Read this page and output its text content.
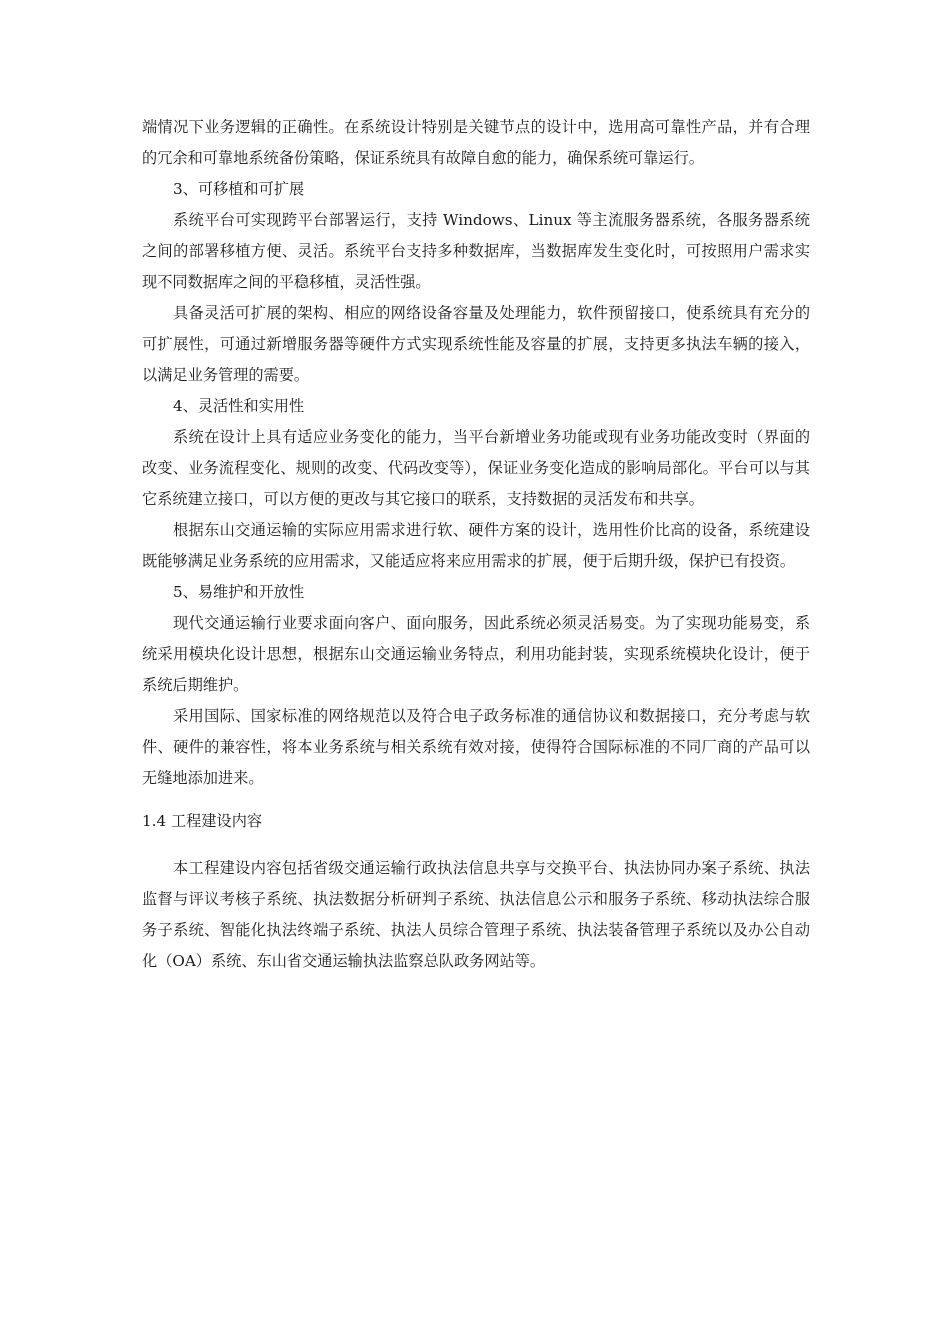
端情况下业务逻辑的正确性。在系统设计特别是关键节点的设计中，选用高可靠性产品，并有合理的冗余和可靠地系统备份策略，保证系统具有故障自愈的能力，确保系统可靠运行。

3、可移植和可扩展

系统平台可实现跨平台部署运行，支持 Windows、Linux 等主流服务器系统，各服务器系统之间的部署移植方便、灵活。系统平台支持多种数据库，当数据库发生变化时，可按照用户需求实现不同数据库之间的平稳移植，灵活性强。

具备灵活可扩展的架构、相应的网络设备容量及处理能力，软件预留接口，使系统具有充分的可扩展性，可通过新增服务器等硬件方式实现系统性能及容量的扩展，支持更多执法车辆的接入，以满足业务管理的需要。

4、灵活性和实用性

系统在设计上具有适应业务变化的能力，当平台新增业务功能或现有业务功能改变时（界面的改变、业务流程变化、规则的改变、代码改变等），保证业务变化造成的影响局部化。平台可以与其它系统建立接口，可以方便的更改与其它接口的联系，支持数据的灵活发布和共享。

根据东山交通运输的实际应用需求进行软、硬件方案的设计，选用性价比高的设备，系统建设既能够满足业务系统的应用需求，又能适应将来应用需求的扩展，便于后期升级，保护已有投资。

5、易维护和开放性

现代交通运输行业要求面向客户、面向服务，因此系统必须灵活易变。为了实现功能易变，系统采用模块化设计思想，根据东山交通运输业务特点，利用功能封装，实现系统模块化设计，便于系统后期维护。

采用国际、国家标准的网络规范以及符合电子政务标准的通信协议和数据接口，充分考虑与软件、硬件的兼容性，将本业务系统与相关系统有效对接，使得符合国际标准的不同厂商的产品可以无缝地添加进来。

1.4 工程建设内容

本工程建设内容包括省级交通运输行政执法信息共享与交换平台、执法协同办案子系统、执法监督与评议考核子系统、执法数据分析研判子系统、执法信息公示和服务子系统、移动执法综合服务子系统、智能化执法终端子系统、执法人员综合管理子系统、执法装备管理子系统以及办公自动化（OA）系统、东山省交通运输执法监察总队政务网站等。
